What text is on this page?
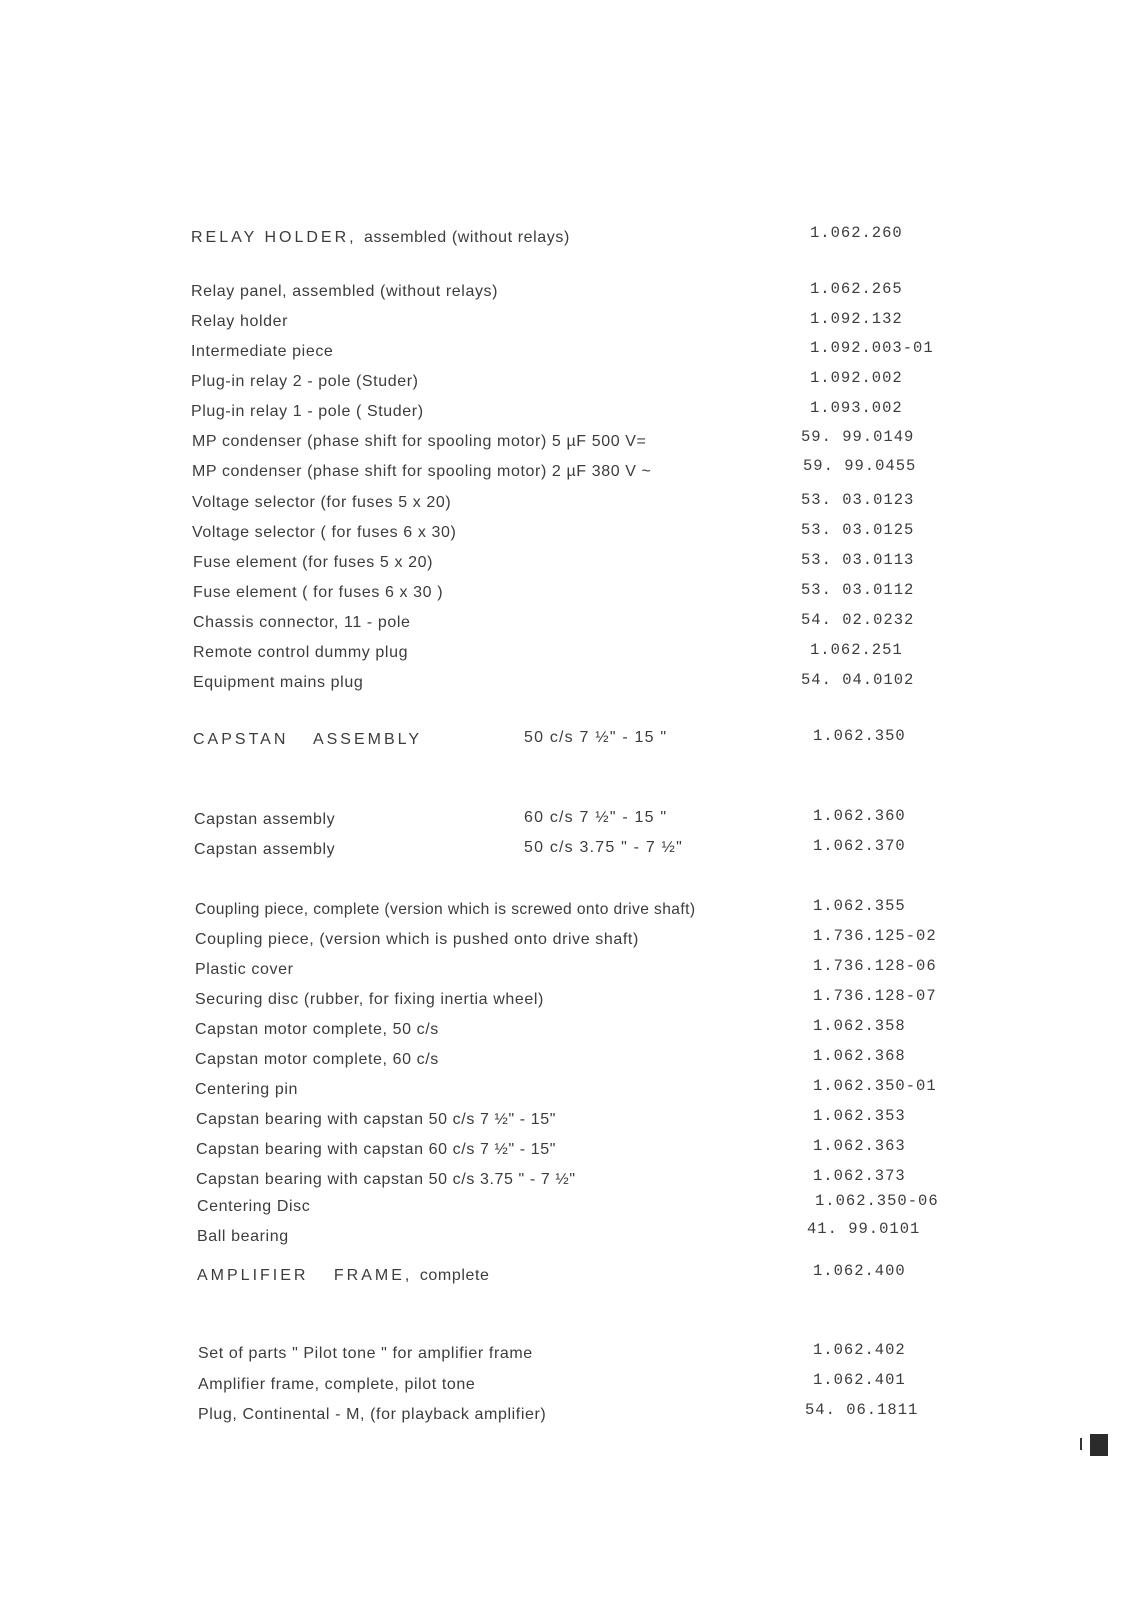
RELAY HOLDER, assembled (without relays)	1.062.260
Relay panel, assembled (without relays)	1.062.265
Relay holder	1.092.132
Intermediate piece	1.092.003-01
Plug-in relay 2 - pole (Studer)	1.092.002
Plug-in relay 1 - pole ( Studer)	1.093.002
MP condenser (phase shift for spooling motor) 5 µF 500 V=	59. 99.0149
MP condenser (phase shift for spooling motor) 2 µF 380 V ~	59. 99.0455
Voltage selector (for fuses 5 x 20)	53. 03.0123
Voltage selector ( for fuses 6 x 30)	53. 03.0125
Fuse element (for fuses 5 x 20)	53. 03.0113
Fuse element ( for fuses 6 x 30 )	53. 03.0112
Chassis connector, 11 - pole	54. 02.0232
Remote control dummy plug	1.062.251
Equipment mains plug	54. 04.0102
CAPSTAN ASSEMBLY	50 c/s 7 ½" - 15 "	1.062.350
Capstan assembly	60 c/s 7 ½" - 15 "	1.062.360
Capstan assembly	50 c/s 3.75 " - 7 ½"	1.062.370
Coupling piece, complete (version which is screwed onto drive shaft)	1.062.355
Coupling piece, (version which is pushed onto drive shaft)	1.736.125-02
Plastic cover	1.736.128-06
Securing disc (rubber, for fixing inertia wheel)	1.736.128-07
Capstan motor complete, 50 c/s	1.062.358
Capstan motor complete, 60 c/s	1.062.368
Centering pin	1.062.350-01
Capstan bearing with capstan 50 c/s 7 ½" - 15"	1.062.353
Capstan bearing with capstan 60 c/s 7 ½" - 15"	1.062.363
Capstan bearing with capstan 50 c/s 3.75 " - 7 ½"	1.062.373
Centering Disc	1.062.350-06
Ball bearing	41. 99.0101
AMPLIFIER FRAME, complete	1.062.400
Set of parts " Pilot tone " for amplifier frame	1.062.402
Amplifier frame, complete, pilot tone	1.062.401
Plug, Continental - M, (for playback amplifier)	54. 06.1811
